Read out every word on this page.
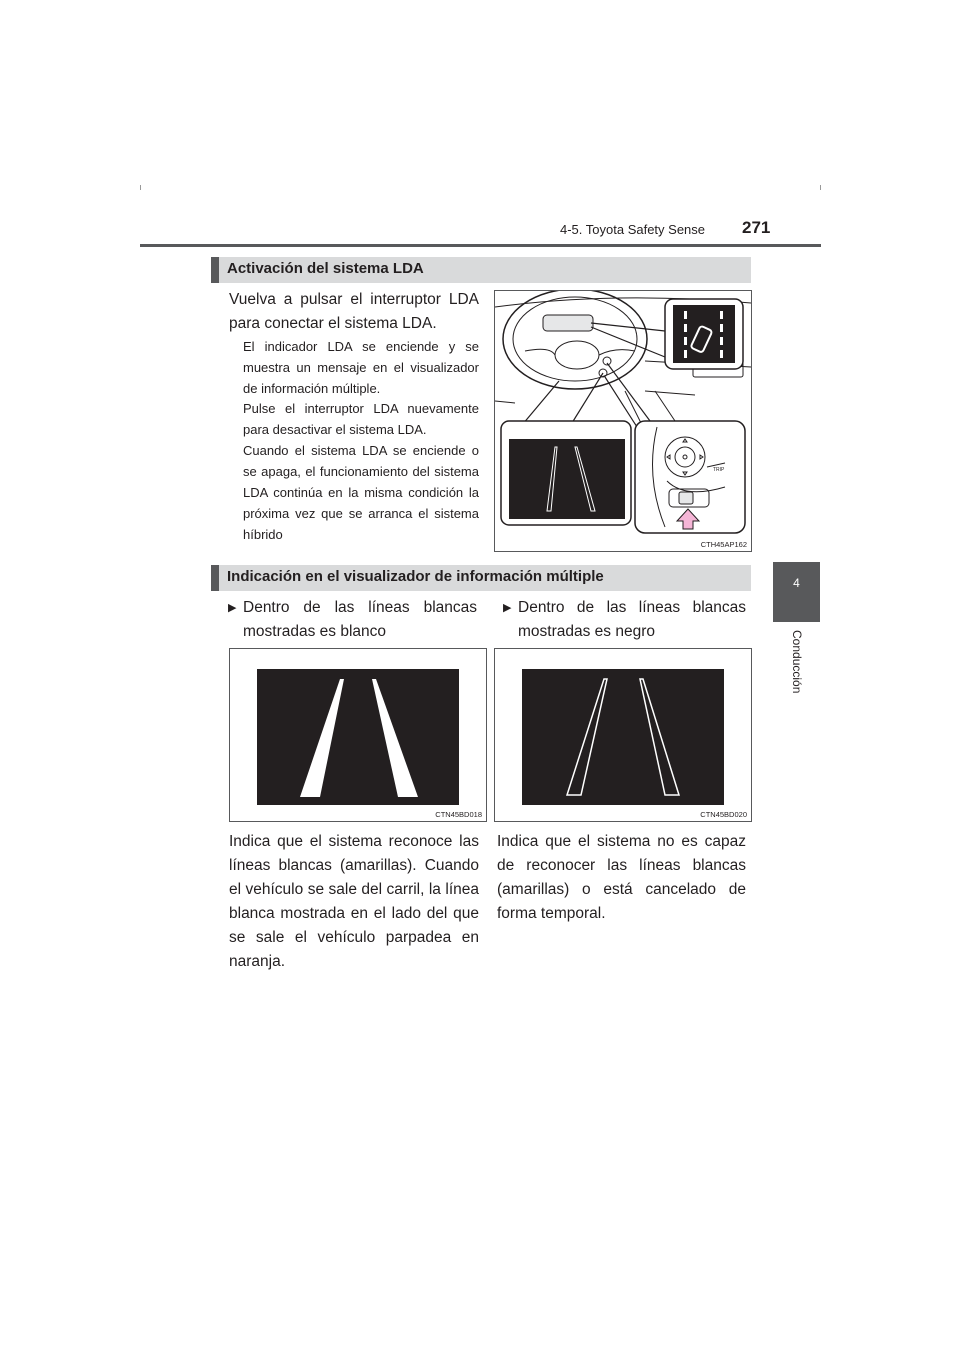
4-5. Toyota Safety Sense 271
4
Conducción
Activación del sistema LDA
Vuelva a pulsar el interruptor LDA para conectar el sistema LDA.
El indicador LDA se enciende y se muestra un mensaje en el visualizador de información múltiple.
Pulse el interruptor LDA nuevamente para desactivar el sistema LDA.
Cuando el sistema LDA se enciende o se apaga, el funcionamiento del sistema LDA continúa en la misma condición la próxima vez que se arranca el sistema híbrido
TRIP
CTH45AP162
Indicación en el visualizador de información múltiple
▶ Dentro de las líneas blancas mostradas es blanco
▶ Dentro de las líneas blancas mostradas es negro
CTN45BD018	CTN45BD020
Indica que el sistema reconoce las líneas blancas (amarillas). Cuando el vehículo se sale del carril, la línea blanca mostrada en el lado del que se sale el vehículo parpadea en naranja.
Indica que el sistema no es capaz de reconocer las líneas blancas (amarillas) o está cancelado de forma temporal.
